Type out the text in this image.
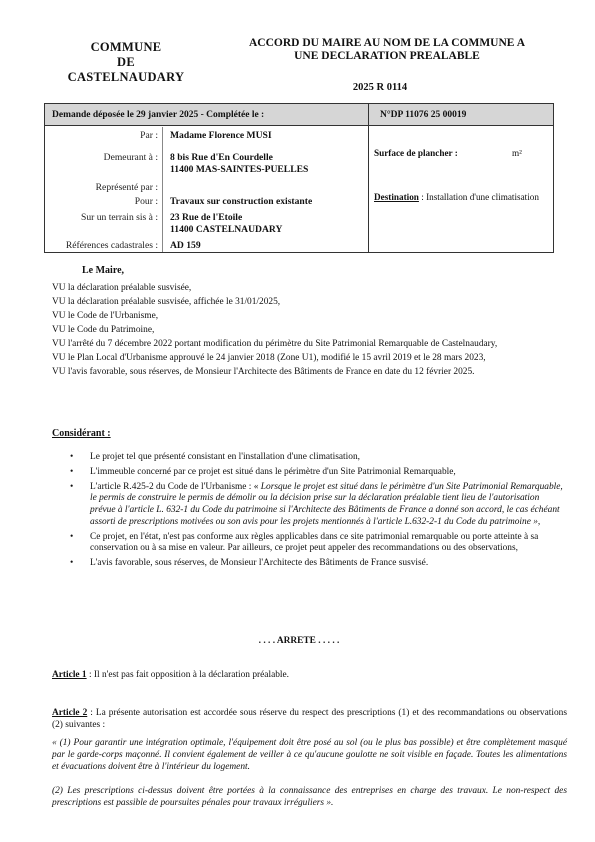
COMMUNE
DE
CASTELNAUDARY
ACCORD DU MAIRE AU NOM DE LA COMMUNE A
UNE DECLARATION PREALABLE
2025 R 0114
Demande déposée le 29 janvier 2025 - Complétée le :	N°DP 11076 25 00019
Par : Madame Florence MUSI
Demeurant à : 8 bis Rue d'En Courdelle
11400 MAS-SAINTES-PUELLES
Représenté par :
Pour : Travaux sur construction existante
Sur un terrain sis à : 23 Rue de l'Etoile
11400 CASTELNAUDARY
Références cadastrales : AD 159
Surface de plancher :	m²
Destination : Installation d'une climatisation
Le Maire,
VU la déclaration préalable susvisée,
VU la déclaration préalable susvisée, affichée le 31/01/2025,
VU le Code de l'Urbanisme,
VU le Code du Patrimoine,
VU l'arrêté du 7 décembre 2022 portant modification du périmètre du Site Patrimonial Remarquable de Castelnaudary,
VU le Plan Local d'Urbanisme approuvé le 24 janvier 2018 (Zone U1), modifié le 15 avril 2019 et le 28 mars 2023,
VU l'avis favorable, sous réserves, de Monsieur l'Architecte des Bâtiments de France en date du 12 février 2025.
Considérant :
• Le projet tel que présenté consistant en l'installation d'une climatisation,
• L'immeuble concerné par ce projet est situé dans le périmètre d'un Site Patrimonial Remarquable,
• L'article R.425-2 du Code de l'Urbanisme : « Lorsque le projet est situé dans le périmètre d'un Site Patrimonial Remarquable, le permis de construire le permis de démolir ou la décision prise sur la déclaration préalable tient lieu de l'autorisation prévue à l'article L. 632-1 du Code du patrimoine si l'Architecte des Bâtiments de France a donné son accord, le cas échéant assorti de prescriptions motivées ou son avis pour les projets mentionnés à l'article L.632-2-1 du Code du patrimoine »,
• Ce projet, en l'état, n'est pas conforme aux règles applicables dans ce site patrimonial remarquable ou porte atteinte à sa conservation ou à sa mise en valeur. Par ailleurs, ce projet peut appeler des recommandations ou des observations,
• L'avis favorable, sous réserves, de Monsieur l'Architecte des Bâtiments de France susvisé.
. . . . ARRETE . . . . .
Article 1 : Il n'est pas fait opposition à la déclaration préalable.
Article 2 : La présente autorisation est accordée sous réserve du respect des prescriptions (1) et des recommandations ou observations (2) suivantes :
« (1) Pour garantir une intégration optimale, l'équipement doit être posé au sol (ou le plus bas possible) et être complètement masqué par le garde-corps maçonné. Il convient également de veiller à ce qu'aucune goulotte ne soit visible en façade. Toutes les alimentations et évacuations doivent être à l'intérieur du logement.
(2) Les prescriptions ci-dessus doivent être portées à la connaissance des entreprises en charge des travaux. Le non-respect des prescriptions est passible de poursuites pénales pour travaux irréguliers ».
